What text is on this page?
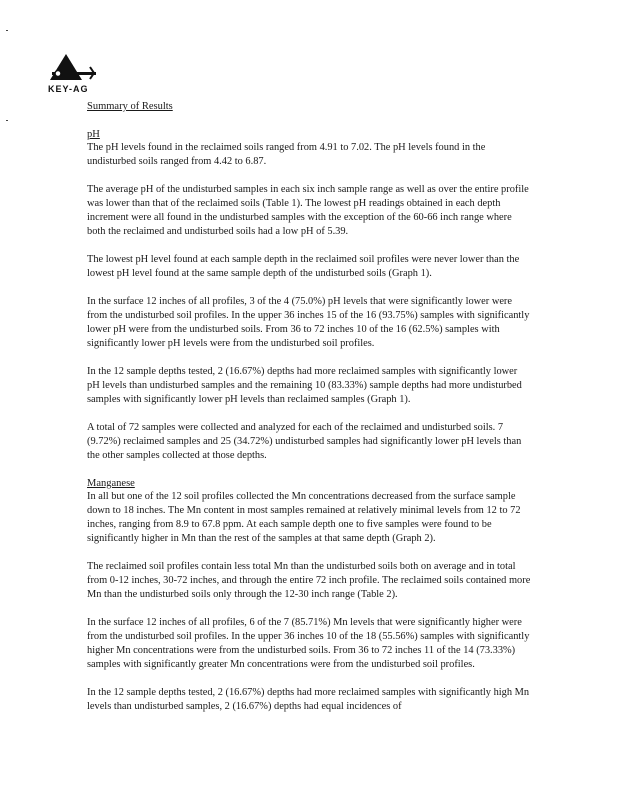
KEY-AG
Summary of Results
pH

The pH levels found in the reclaimed soils ranged from 4.91 to 7.02. The pH levels found in the undisturbed soils ranged from 4.42 to 6.87.

The average pH of the undisturbed samples in each six inch sample range as well as over the entire profile was lower than that of the reclaimed soils (Table 1). The lowest pH readings obtained in each depth increment were all found in the undisturbed samples with the exception of the 60-66 inch range where both the reclaimed and undisturbed soils had a low pH of 5.39.

The lowest pH level found at each sample depth in the reclaimed soil profiles were never lower than the lowest pH level found at the same sample depth of the undisturbed soils (Graph 1).

In the surface 12 inches of all profiles, 3 of the 4 (75.0%) pH levels that were significantly lower were from the undisturbed soil profiles. In the upper 36 inches 15 of the 16 (93.75%) samples with significantly lower pH were from the undisturbed soils. From 36 to 72 inches 10 of the 16 (62.5%) samples with significantly lower pH levels were from the undisturbed soil profiles.

In the 12 sample depths tested, 2 (16.67%) depths had more reclaimed samples with significantly lower pH levels than undisturbed samples and the remaining 10 (83.33%) sample depths had more undisturbed samples with significantly lower pH levels than reclaimed samples (Graph 1).

A total of 72 samples were collected and analyzed for each of the reclaimed and undisturbed soils. 7 (9.72%) reclaimed samples and 25 (34.72%) undisturbed samples had significantly lower pH levels than the other samples collected at those depths.

Manganese

In all but one of the 12 soil profiles collected the Mn concentrations decreased from the surface sample down to 18 inches. The Mn content in most samples remained at relatively minimal levels from 12 to 72 inches, ranging from 8.9 to 67.8 ppm. At each sample depth one to five samples were found to be significantly higher in Mn than the rest of the samples at that same depth (Graph 2).

The reclaimed soil profiles contain less total Mn than the undisturbed soils both on average and in total from 0-12 inches, 30-72 inches, and through the entire 72 inch profile. The reclaimed soils contained more Mn than the undisturbed soils only through the 12-30 inch range (Table 2).

In the surface 12 inches of all profiles, 6 of the 7 (85.71%) Mn levels that were significantly higher were from the undisturbed soil profiles. In the upper 36 inches 10 of the 18 (55.56%) samples with significantly higher Mn concentrations were from the undisturbed soils. From 36 to 72 inches 11 of the 14 (73.33%) samples with significantly greater Mn concentrations were from the undisturbed soil profiles.

In the 12 sample depths tested, 2 (16.67%) depths had more reclaimed samples with significantly high Mn levels than undisturbed samples, 2 (16.67%) depths had equal incidences of
